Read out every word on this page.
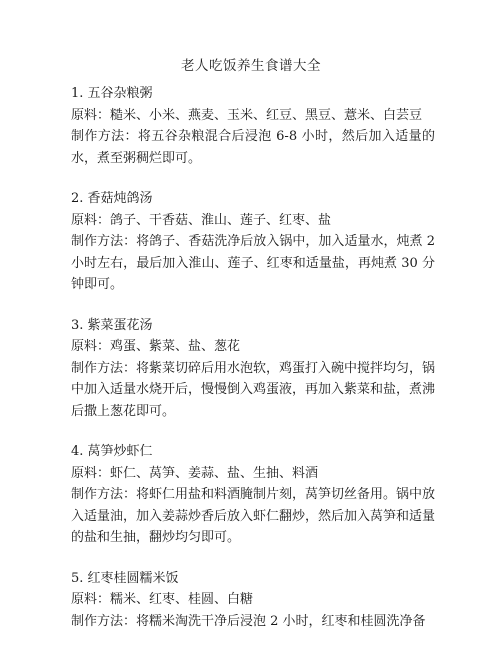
老人吃饭养生食谱大全

1. 五谷杂粮粥

原料：糙米、小米、燕麦、玉米、红豆、黑豆、薏米、白芸豆

制作方法：将五谷杂粮混合后浸泡 6-8 小时，然后加入适量的水，煮至粥稠烂即可。

2. 香菇炖鸽汤

原料：鸽子、干香菇、淮山、莲子、红枣、盐

制作方法：将鸽子、香菇洗净后放入锅中，加入适量水，炖煮 2 小时左右，最后加入淮山、莲子、红枣和适量盐，再炖煮 30 分钟即可。

3. 紫菜蛋花汤

原料：鸡蛋、紫菜、盐、葱花

制作方法：将紫菜切碎后用水泡软，鸡蛋打入碗中搅拌均匀，锅中加入适量水烧开后，慢慢倒入鸡蛋液，再加入紫菜和盐，煮沸后撒上葱花即可。

4. 莴笋炒虾仁

原料：虾仁、莴笋、姜蒜、盐、生抽、料酒

制作方法：将虾仁用盐和料酒腌制片刻，莴笋切丝备用。锅中放入适量油，加入姜蒜炒香后放入虾仁翻炒，然后加入莴笋和适量的盐和生抽，翻炒均匀即可。

5. 红枣桂圆糯米饭

原料：糯米、红枣、桂圆、白糖

制作方法：将糯米淘洗干净后浸泡 2 小时，红枣和桂圆洗净备
